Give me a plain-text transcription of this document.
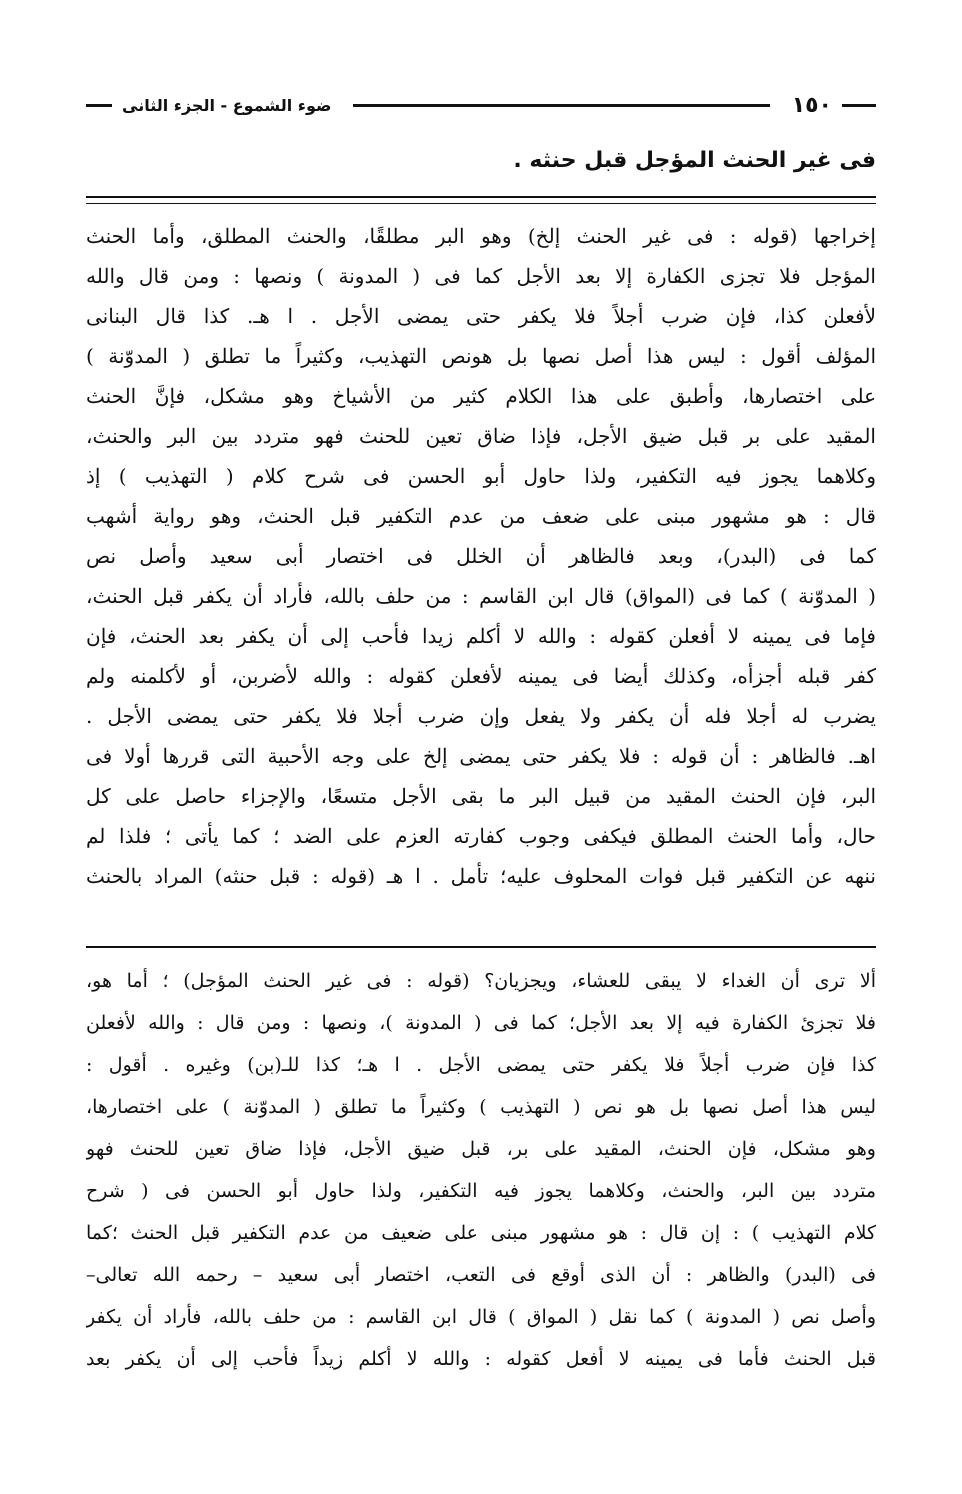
١٥٠
ضوء الشموع - الجزء الثانى
فى غير الحنث المؤجل قبل حنثه .
إخراجها (قوله : فى غير الحنث إلخ) وهو البر مطلقًا، والحنث المطلق، وأما الحنث
المؤجل فلا تجزى الكفارة إلا بعد الأجل كما فى ( المدونة ) ونصها : ومن قال والله
لأفعلن كذا، فإن ضرب أجلاً فلا يكفر حتى يمضى الأجل . ا هـ. كذا قال البنانى
المؤلف أقول : ليس هذا أصل نصها بل هونص التهذيب، وكثيراً ما تطلق ( المدوّنة )
على اختصارها، وأطبق على هذا الكلام كثير من الأشياخ وهو مشكل، فإنَّ الحنث
المقيد على بر قبل ضيق الأجل، فإذا ضاق تعين للحنث فهو متردد بين البر والحنث،
وكلاهما يجوز فيه التكفير، ولذا حاول أبو الحسن فى شرح كلام ( التهذيب ) إذ
قال : هو مشهور مبنى على ضعف من عدم التكفير قبل الحنث، وهو رواية أشهب
كما فى (البدر)، وبعد فالظاهر أن الخلل فى اختصار أبى سعيد وأصل نص
( المدوّنة ) كما فى (المواق) قال ابن القاسم : من حلف بالله، فأراد أن يكفر قبل الحنث،
فإما فى يمينه لا أفعلن كقوله : والله لا أكلم زيدا فأحب إلى أن يكفر بعد الحنث، فإن
كفر قبله أجزأه، وكذلك أيضا فى يمينه لأفعلن كقوله : والله لأضربن، أو لأكلمنه ولم
يضرب له أجلا فله أن يكفر ولا يفعل وإن ضرب أجلا فلا يكفر حتى يمضى الأجل .
اهـ. فالظاهر : أن قوله : فلا يكفر حتى يمضى إلخ على وجه الأحبية التى قررها أولا فى
البر، فإن الحنث المقيد من قبيل البر ما بقى الأجل متسعًا، والإجزاء حاصل على كل
حال، وأما الحنث المطلق فيكفى وجوب كفارته العزم على الضد ؛ كما يأتى ؛ فلذا لم
ننهه عن التكفير قبل فوات المحلوف عليه؛ تأمل . ا هـ (قوله : قبل حنثه) المراد بالحنث
ألا ترى أن الغداء لا يبقى للعشاء، ويجزيان؟ (قوله : فى غير الحنث المؤجل) ؛ أما هو،
فلا تجزئ الكفارة فيه إلا بعد الأجل؛ كما فى ( المدونة )، ونصها : ومن قال : والله لأفعلن
كذا فإن ضرب أجلاً فلا يكفر حتى يمضى الأجل . ا هـ؛ كذا للـ(بن) وغيره . أقول :
ليس هذا أصل نصها بل هو نص ( التهذيب ) وكثيراً ما تطلق ( المدوّنة ) على اختصارها،
وهو مشكل، فإن الحنث، المقيد على بر، قبل ضيق الأجل، فإذا ضاق تعين للحنث فهو
متردد بين البر، والحنث، وكلاهما يجوز فيه التكفير، ولذا حاول أبو الحسن فى ( شرح
كلام التهذيب ) : إن قال : هو مشهور مبنى على ضعيف من عدم التكفير قبل الحنث ؛كما
فى (البدر) والظاهر : أن الذى أوقع فى التعب، اختصار أبى سعيد – رحمه الله تعالى–
وأصل نص ( المدونة ) كما نقل ( المواق ) قال ابن القاسم : من حلف بالله، فأراد أن يكفر
قبل الحنث فأما فى يمينه لا أفعل كقوله : والله لا أكلم زيداً فأحب إلى أن يكفر بعد
